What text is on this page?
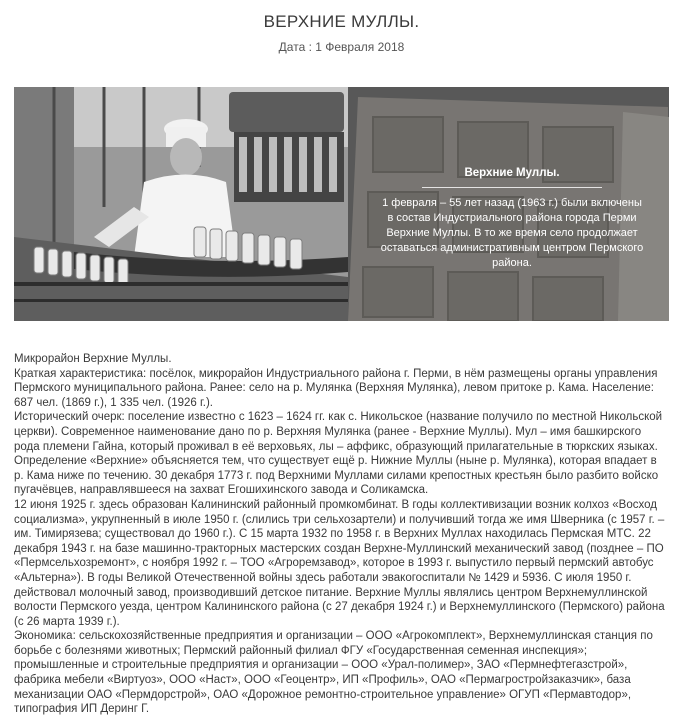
ВЕРХНИЕ МУЛЛЫ.
Дата : 1 Февраля 2018
Верхние Муллы.
1 февраля – 55 лет назад (1963 г.) были включены в состав Индустриального района города Перми Верхние Муллы. В то же время село продолжает оставаться административным центром Пермского района.

Микрорайон Верхние Муллы.

Краткая характеристика: посёлок, микрорайон Индустриального района г. Перми, в нём размещены органы управления Пермского муниципального района. Ранее: село на р. Мулянка (Верхняя Мулянка), левом притоке р. Кама. Население: 687 чел. (1869 г.), 1 335 чел. (1926 г.).

Исторический очерк: поселение известно с 1623 – 1624 гг. как с. Никольское (название получило по местной Никольской церкви). Современное наименование дано по р. Верхняя Мулянка (ранее - Верхние Муллы). Мул – имя башкирского рода племени Гайна, который проживал в её верховьях, лы – аффикс, образующий прилагательные в тюркских языках.

Определение «Верхние» объясняется тем, что существует ещё р. Нижние Муллы (ныне р. Мулянка), которая впадает в р. Кама ниже по течению. 30 декабря 1773 г. под Верхними Муллами силами крепостных крестьян было разбито войско пугачёвцев, направлявшееся на захват Егошихинского завода и Соликамска.

12 июня 1925 г. здесь образован Калининский районный промкомбинат. В годы коллективизации возник колхоз «Восход социализма», укрупненный в июле 1950 г. (слились три сельхозартели) и получивший тогда же имя Шверника (с 1957 г. – им. Тимирязева; существовал до 1960 г.). С 15 марта 1932 по 1958 г. в Верхних Муллах находилась Пермская МТС. 22 декабря 1943 г. на базе машинно-тракторных мастерских создан Верхне-Муллинский механический завод (позднее – ПО «Пермсельхозремонт», с ноября 1992 г. – ТОО «Агроремзавод», которое в 1993 г. выпустило первый пермский автобус «Альтерна»). В годы Великой Отечественной войны здесь работали эвакогоспитали № 1429 и 5936. С июля 1950 г. действовал молочный завод, производивший детское питание. Верхние Муллы являлись центром Верхнемуллинской волости Пермского уезда, центром Калининского района (с 27 декабря 1924 г.) и Верхнемуллинского (Пермского) района (с 26 марта 1939 г.).

Экономика: сельскохозяйственные предприятия и организации – ООО «Агрокомплект», Верхнемуллинская станция по борьбе с болезнями животных; Пермский районный филиал ФГУ «Государственная семенная инспекция»; промышленные и строительные предприятия и организации – ООО «Урал-полимер», ЗАО «Пермнефтегазстрой», фабрика мебели «Виртуоз», ООО «Наст», ООО «Геоцентр», ИП «Профиль», ОАО «Пермагростройзаказчик», база механизации ОАО «Пермдорстрой», ОАО «Дорожное ремонтно-строительное управление» ОГУП «Пермавтодор», типография ИП Деринг Г.
